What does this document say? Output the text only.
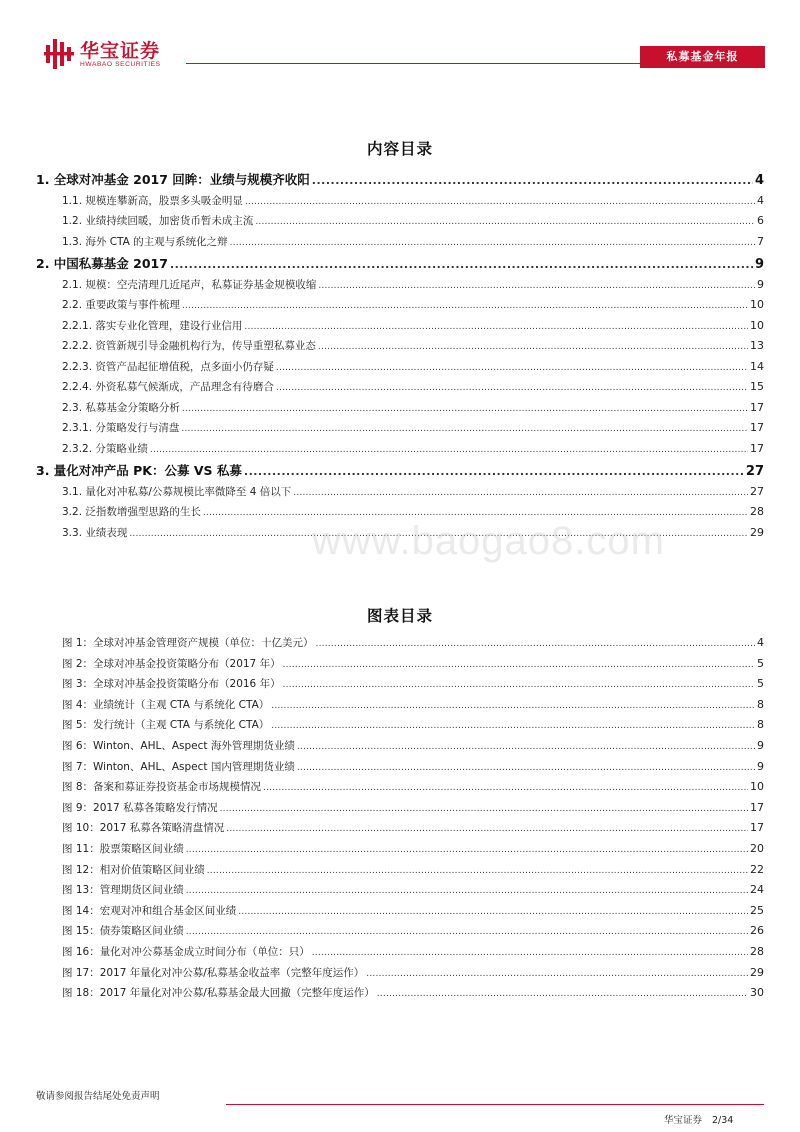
华宝证券
HWABAO SECURITIES
私募基金年报
内容目录
1. 全球对冲基金 2017 回眸：业绩与规模齐收阳 .....	4
1.1. 规模连攀新高，股票多头吸金明显 .....	4
1.2. 业绩持续回暖，加密货币暂未成主流 .....	6
1.3. 海外 CTA 的主观与系统化之辩 .....	7
2. 中国私募基金 2017 .....	9
2.1. 规模：空壳清理几近尾声，私募证券基金规模收缩 .....	9
2.2. 重要政策与事件梳理 .....	10
2.2.1. 落实专业化管理，建设行业信用 .....	10
2.2.2. 资管新规引导金融机构行为，传导重塑私募业态 .....	13
2.2.3. 资管产品起征增值税，点多面小仍存疑 .....	14
2.2.4. 外资私募气候渐成，产品理念有待磨合 .....	15
2.3. 私募基金分策略分析 .....	17
2.3.1. 分策略发行与清盘 .....	17
2.3.2. 分策略业绩 .....	17
3. 量化对冲产品 PK：公募 VS 私募 .....	27
3.1. 量化对冲私募/公募规模比率微降至 4 倍以下 .....	27
3.2. 泛指数增强型思路的生长 .....	28
3.3. 业绩表现 .....	29
www.baogao8.com
图表目录
图 1：全球对冲基金管理资产规模（单位：十亿美元） .....	4
图 2：全球对冲基金投资策略分布（2017 年） .....	5
图 3：全球对冲基金投资策略分布（2016 年） .....	5
图 4：业绩统计（主观 CTA 与系统化 CTA） .....	8
图 5：发行统计（主观 CTA 与系统化 CTA） .....	8
图 6：Winton、AHL、Aspect 海外管理期货业绩 .....	9
图 7：Winton、AHL、Aspect 国内管理期货业绩 .....	9
图 8：备案和募证券投资基金市场规模情况 .....	10
图 9：2017 私募各策略发行情况 .....	17
图 10：2017 私募各策略清盘情况 .....	17
图 11：股票策略区间业绩 .....	20
图 12：相对价值策略区间业绩 .....	22
图 13：管理期货区间业绩 .....	24
图 14：宏观对冲和组合基金区间业绩 .....	25
图 15：债券策略区间业绩 .....	26
图 16：量化对冲公募基金成立时间分布（单位：只） .....	28
图 17：2017 年量化对冲公募/私募基金收益率（完整年度运作） .....	29
图 18：2017 年量化对冲公募/私募基金最大回撤（完整年度运作） .....	30
敬请参阅报告结尾处免责声明
华宝证券 2/34
